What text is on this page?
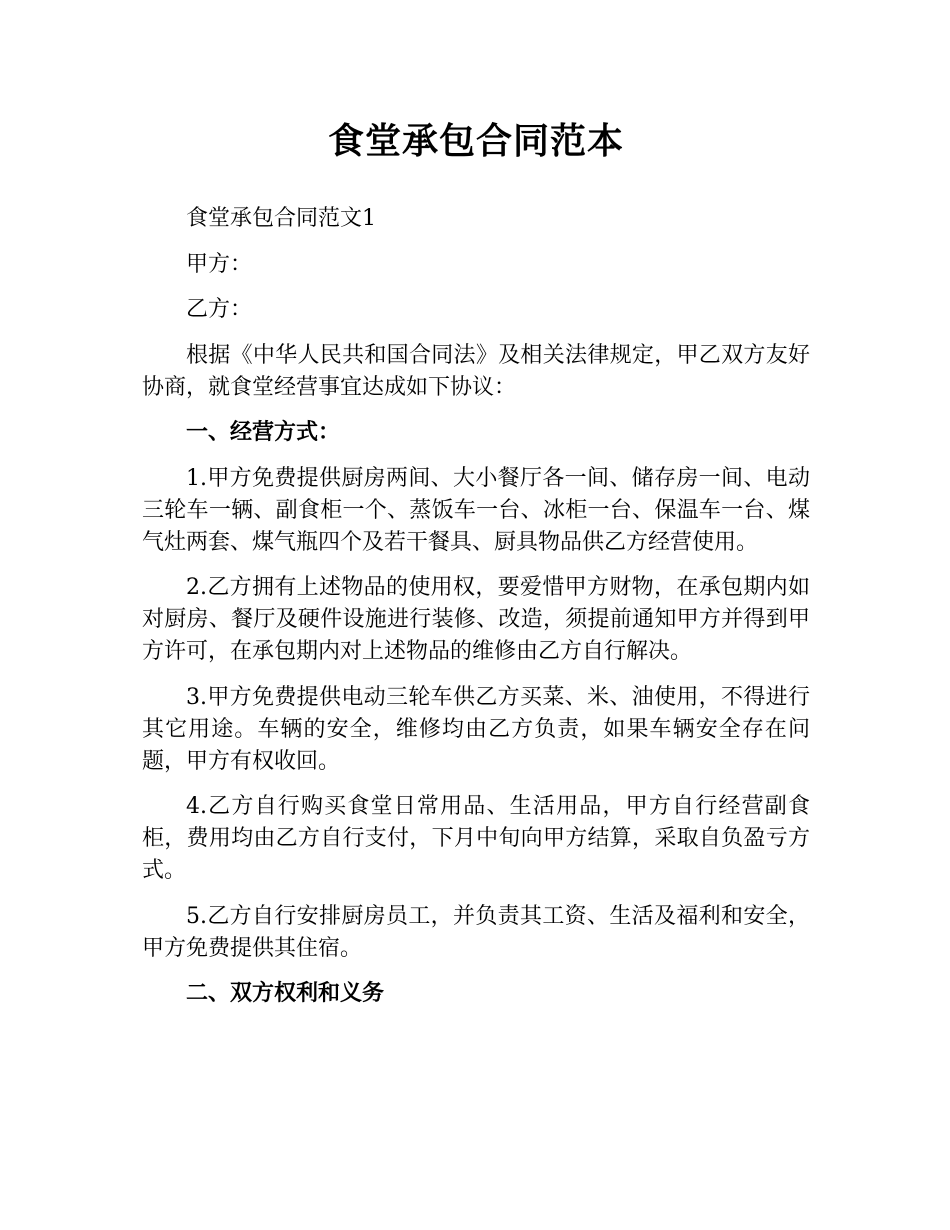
食堂承包合同范本

食堂承包合同范文1

甲方：

乙方：

根据《中华人民共和国合同法》及相关法律规定，甲乙双方友好协商，就食堂经营事宜达成如下协议：

一、经营方式：

1.甲方免费提供厨房两间、大小餐厅各一间、储存房一间、电动三轮车一辆、副食柜一个、蒸饭车一台、冰柜一台、保温车一台、煤气灶两套、煤气瓶四个及若干餐具、厨具物品供乙方经营使用。

2.乙方拥有上述物品的使用权，要爱惜甲方财物，在承包期内如对厨房、餐厅及硬件设施进行装修、改造，须提前通知甲方并得到甲方许可，在承包期内对上述物品的维修由乙方自行解决。

3.甲方免费提供电动三轮车供乙方买菜、米、油使用，不得进行其它用途。车辆的安全，维修均由乙方负责，如果车辆安全存在问题，甲方有权收回。

4.乙方自行购买食堂日常用品、生活用品，甲方自行经营副食柜，费用均由乙方自行支付，下月中旬向甲方结算，采取自负盈亏方式。

5.乙方自行安排厨房员工，并负责其工资、生活及福利和安全，甲方免费提供其住宿。

二、双方权利和义务
